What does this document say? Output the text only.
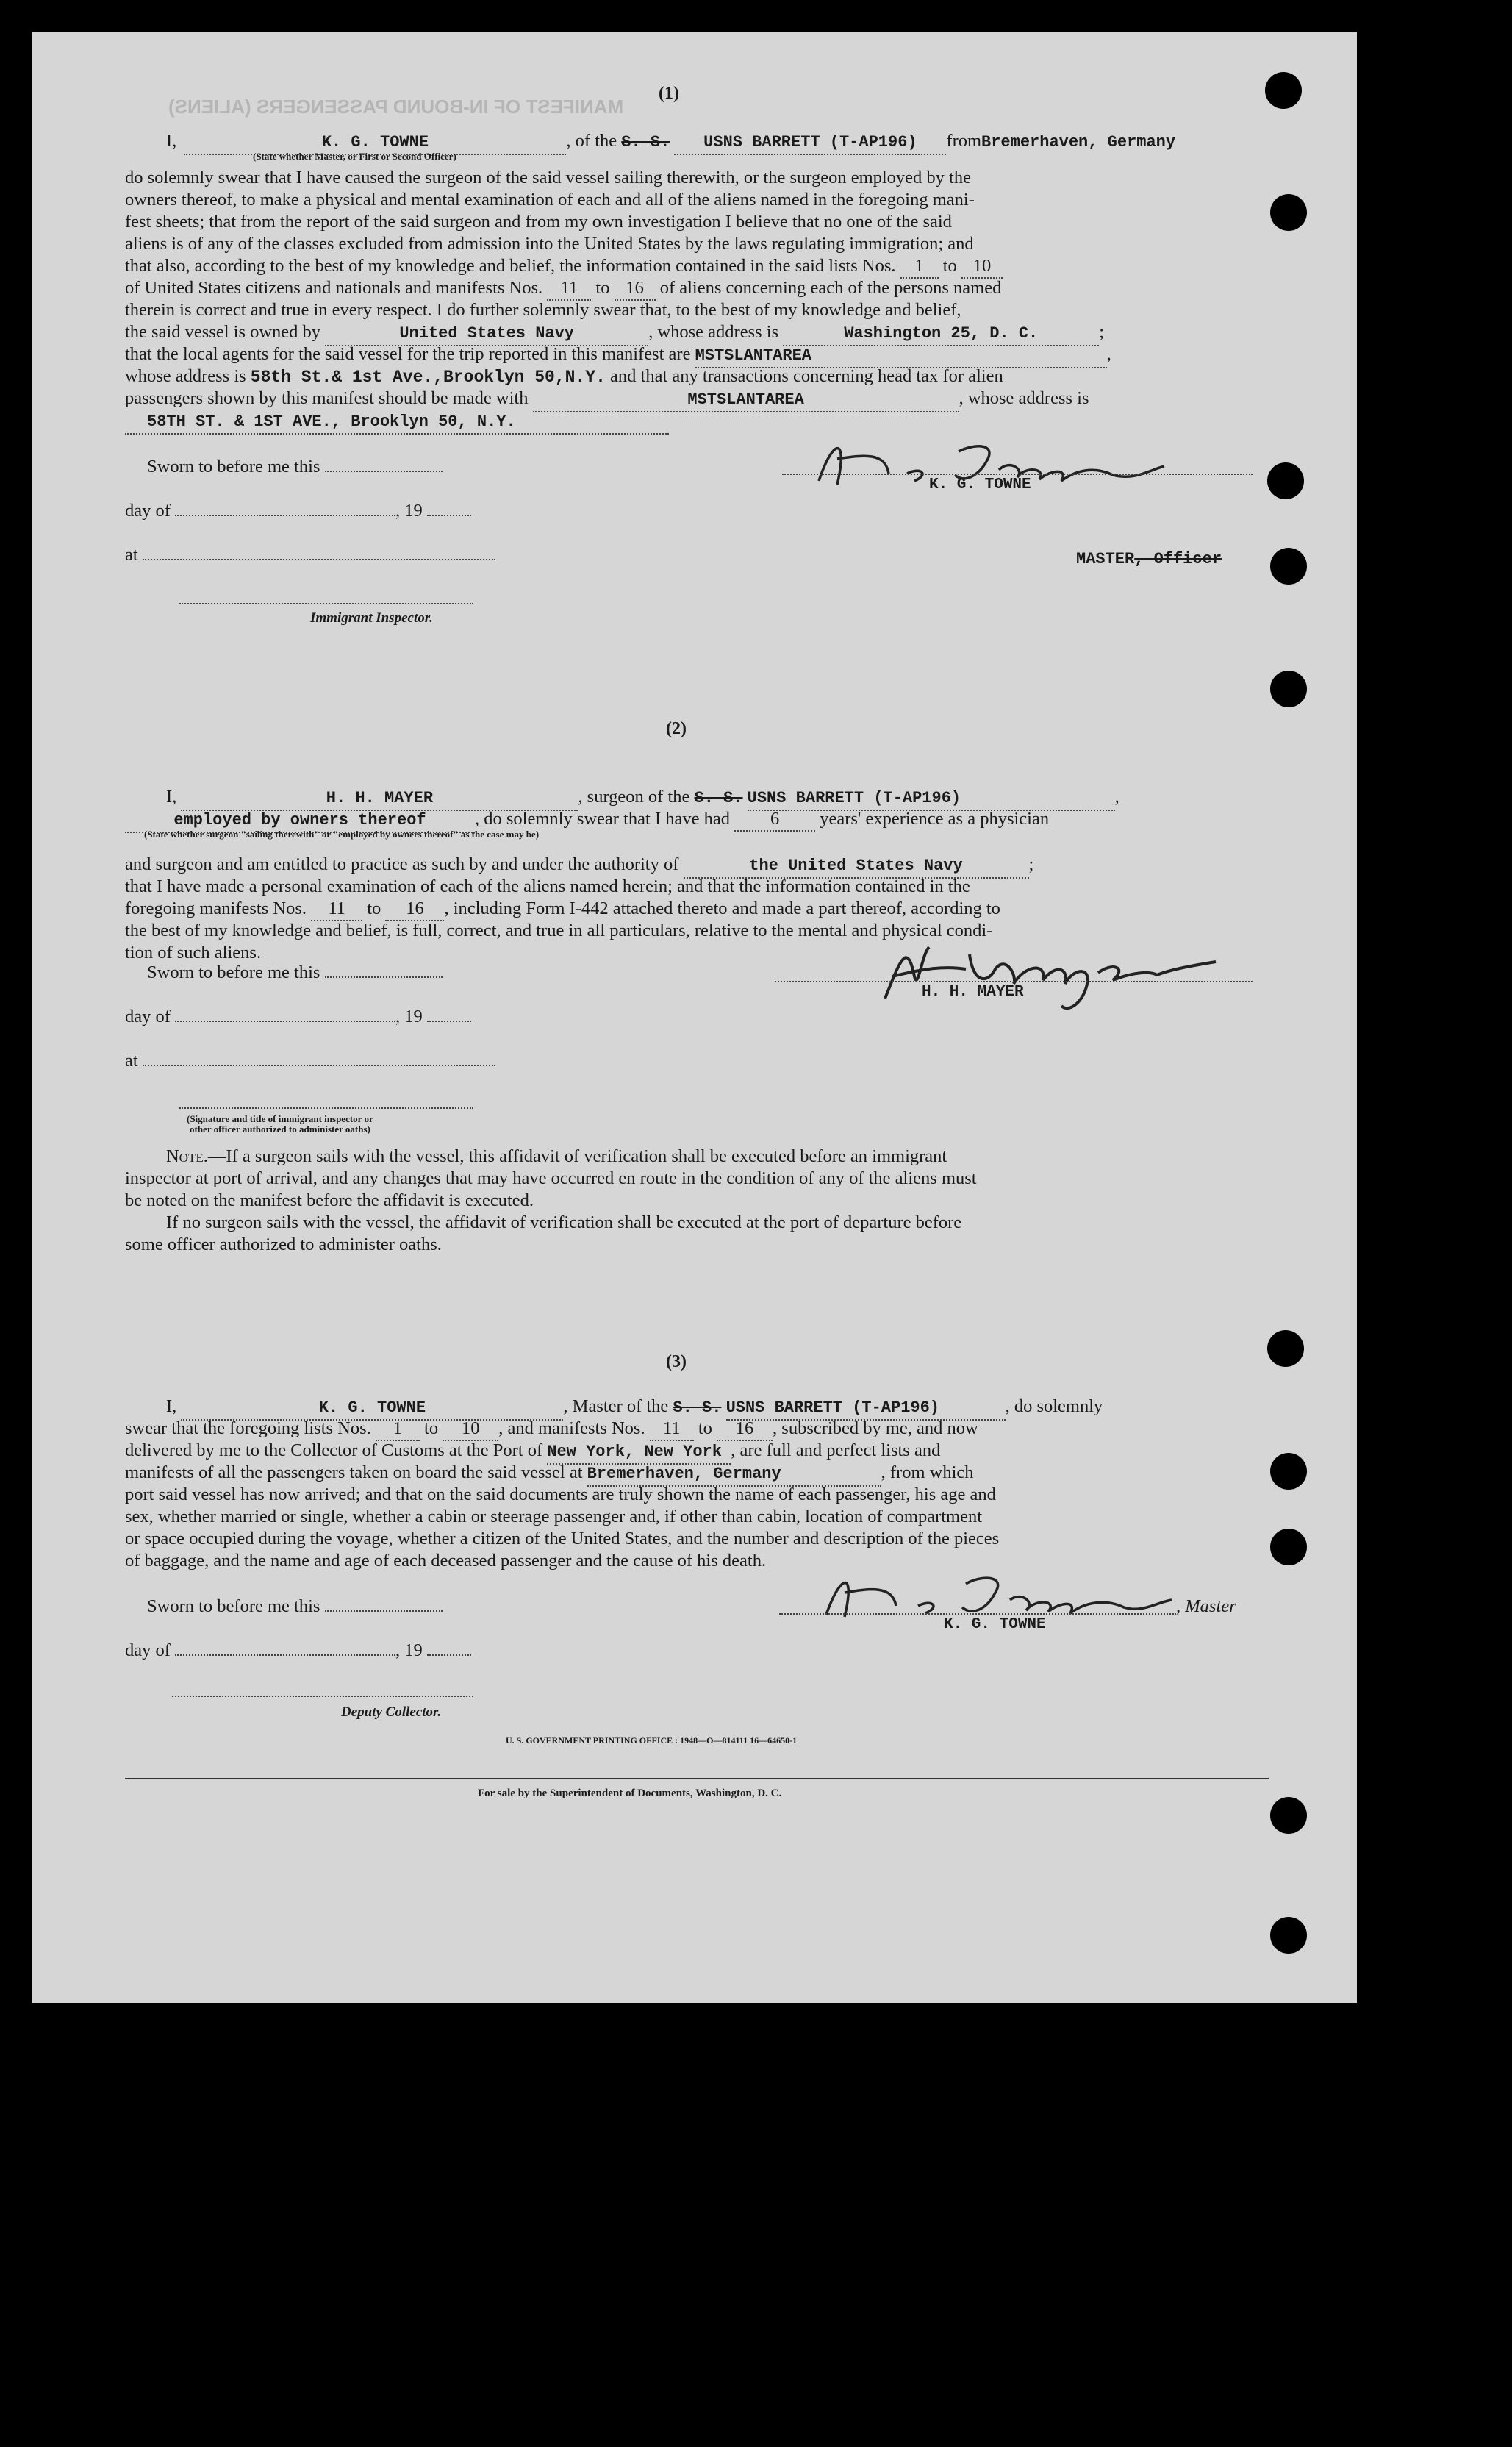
MANIFEST OF IN-BOUND PASSENGERS (ALIENS)
(1)
I,	K. G. TOWNE	, of the S. S. USNS BARRETT (T-AP196) fromBremerhaven, Germany
(State whether Master, or First or Second Officer)
do solemnly swear that I have caused the surgeon of the said vessel sailing therewith, or the surgeon employed by the
owners thereof, to make a physical and mental examination of each and all of the aliens named in the foregoing mani-
fest sheets; that from the report of the said surgeon and from my own investigation I believe that no one of the said
aliens is of any of the classes excluded from admission into the United States by the laws regulating immigration; and
that also, according to the best of my knowledge and belief, the information contained in the said lists Nos. 1 to 10
of United States citizens and nationals and manifests Nos. 11 to 16 of aliens concerning each of the persons named
therein is correct and true in every respect. I do further solemnly swear that, to the best of my knowledge and belief,
the said vessel is owned by	United States Navy	, whose address is	Washington 25, D. C.	;
that the local agents for the said vessel for the trip reported in this manifest are MSTSLANTAREA	,
whose address is 58th St.& 1st Ave.,Brooklyn 50,N.Y. and that any transactions concerning head tax for alien
passengers shown by this manifest should be made with	MSTSLANTAREA	, whose address is
58TH ST. & 1ST AVE., Brooklyn 50, N.Y.
Sworn to before me this
day of	, 19
at
Immigrant Inspector.
K. G. TOWNE
MASTER, Officer
(2)
I,	H. H. MAYER	, surgeon of the S. S. USNS BARRETT (T-AP196)	,
employed by owners thereof	, do solemnly swear that I have had 6 years' experience as a physician
(State whether surgeon "sailing therewith" or "employed by owners thereof" as the case may be)
and surgeon and am entitled to practice as such by and under the authority of	the United States Navy	;
that I have made a personal examination of each of the aliens named herein; and that the information contained in the
foregoing manifests Nos. 11 to 16 , including Form I-442 attached thereto and made a part thereof, according to
the best of my knowledge and belief, is full, correct, and true in all particulars, relative to the mental and physical condi-
tion of such aliens.
Sworn to before me this
day of	, 19
at
(Signature and title of immigrant inspector or
other officer authorized to administer oaths)
H. H. MAYER
Note.—If a surgeon sails with the vessel, this affidavit of verification shall be executed before an immigrant
inspector at port of arrival, and any changes that may have occurred en route in the condition of any of the aliens must
be noted on the manifest before the affidavit is executed.
If no surgeon sails with the vessel, the affidavit of verification shall be executed at the port of departure before
some officer authorized to administer oaths.
(3)
I,	K. G. TOWNE	, Master of the S. S. USNS BARRETT (T-AP196)	, do solemnly
swear that the foregoing lists Nos. 1 to 10 , and manifests Nos. 11 to 16 , subscribed by me, and now
delivered by me to the Collector of Customs at the Port of New York, New York , are full and perfect lists and
manifests of all the passengers taken on board the said vessel at Bremerhaven, Germany	, from which
port said vessel has now arrived; and that on the said documents are truly shown the name of each passenger, his age and
sex, whether married or single, whether a cabin or steerage passenger and, if other than cabin, location of compartment
or space occupied during the voyage, whether a citizen of the United States, and the number and description of the pieces
of baggage, and the name and age of each deceased passenger and the cause of his death.
Sworn to before me this
day of	, 19
Deputy Collector.
K. G. TOWNE
, Master
U. S. GOVERNMENT PRINTING OFFICE : 1948—O—814111 16—64650-1
For sale by the Superintendent of Documents, Washington, D. C.
